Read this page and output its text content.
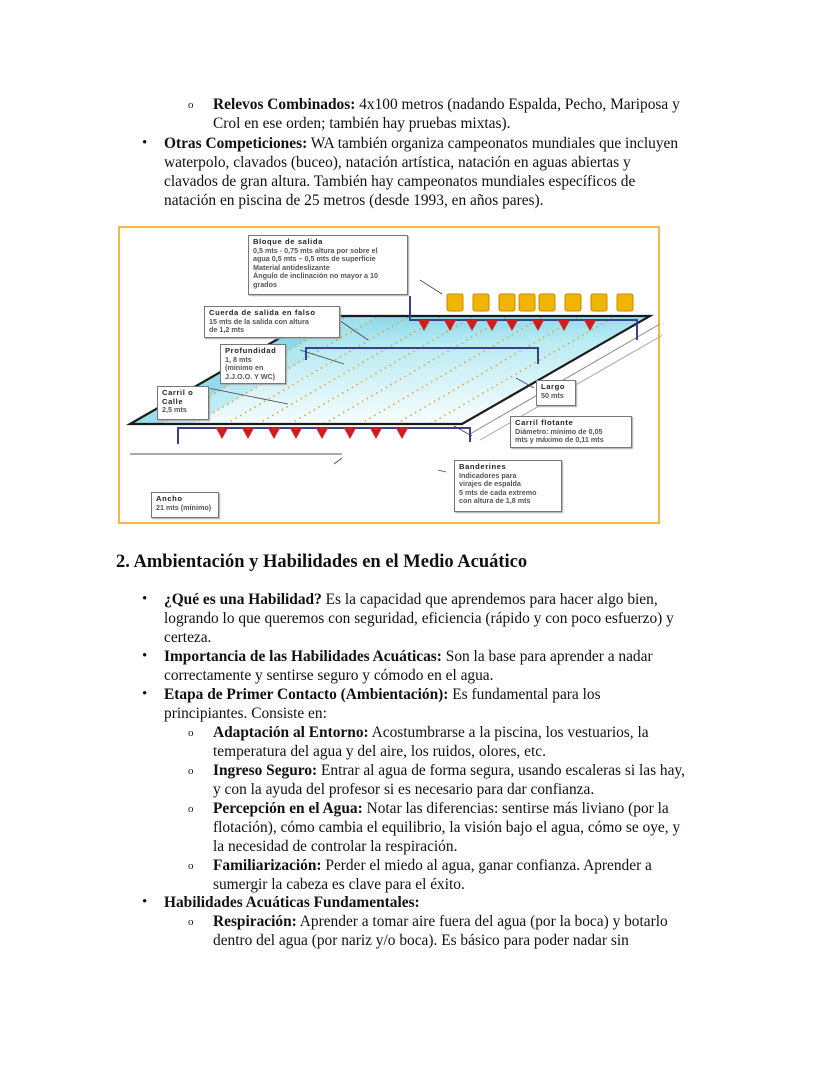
o Relevos Combinados: 4x100 metros (nadando Espalda, Pecho, Mariposa y
Crol en ese orden; también hay pruebas mixtas).
• Otras Competiciones: WA también organiza campeonatos mundiales que incluyen
waterpolo, clavados (buceo), natación artística, natación en aguas abiertas y
clavados de gran altura. También hay campeonatos mundiales específicos de
natación en piscina de 25 metros (desde 1993, en años pares).
Bloque de salida
0,5 mts - 0,75 mts altura por sobre el
agua 0,5 mts – 0,5 mts de superficie
Material antideslizante
Ángulo de inclinación no mayor a 10
grados
Cuerda de salida en falso
15 mts de la salida con altura
de 1,2 mts
Profundidad
1, 8 mts
(mínimo en
J.J.O.O. Y WC)
Carril o
Calle
2,5 mts
Largo
50 mts
Carril flotante
Diámetro: mínimo de 0,05
mts y máximo de 0,11 mts
Banderines
Indicadores para
virajes de espalda
5 mts de cada extremo
con altura de 1,8 mts
Ancho
21 mts (mínimo)
2. Ambientación y Habilidades en el Medio Acuático
• ¿Qué es una Habilidad? Es la capacidad que aprendemos para hacer algo bien,
logrando lo que queremos con seguridad, eficiencia (rápido y con poco esfuerzo) y
certeza.
• Importancia de las Habilidades Acuáticas: Son la base para aprender a nadar
correctamente y sentirse seguro y cómodo en el agua.
• Etapa de Primer Contacto (Ambientación): Es fundamental para los
principiantes. Consiste en:
o Adaptación al Entorno: Acostumbrarse a la piscina, los vestuarios, la
temperatura del agua y del aire, los ruidos, olores, etc.
o Ingreso Seguro: Entrar al agua de forma segura, usando escaleras si las hay,
y con la ayuda del profesor si es necesario para dar confianza.
o Percepción en el Agua: Notar las diferencias: sentirse más liviano (por la
flotación), cómo cambia el equilibrio, la visión bajo el agua, cómo se oye, y
la necesidad de controlar la respiración.
o Familiarización: Perder el miedo al agua, ganar confianza. Aprender a
sumergir la cabeza es clave para el éxito.
• Habilidades Acuáticas Fundamentales:
o Respiración: Aprender a tomar aire fuera del agua (por la boca) y botarlo
dentro del agua (por nariz y/o boca). Es básico para poder nadar sin
